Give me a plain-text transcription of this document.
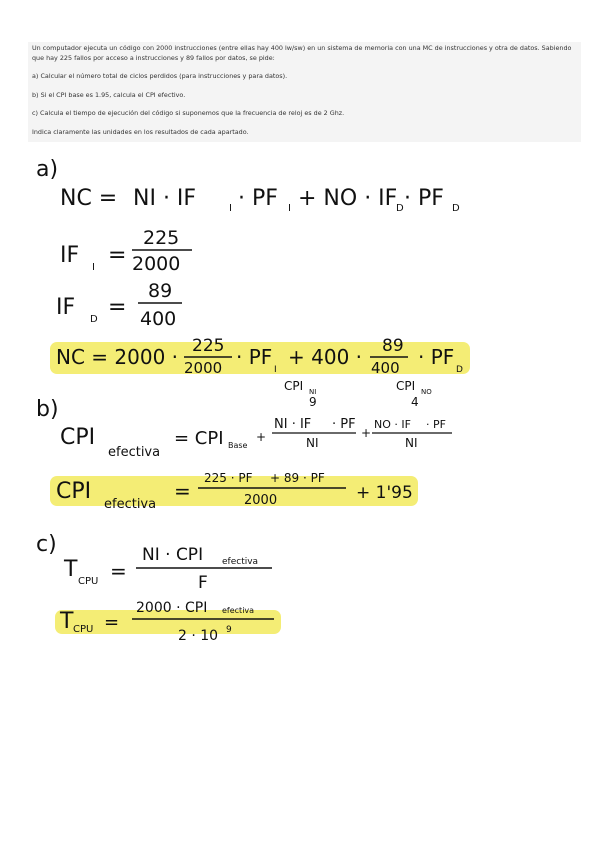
Un computador ejecuta un código con 2000 instrucciones (entre ellas hay 400 lw/sw) en un sistema de memoria con una MC de instrucciones y otra de datos. Sabiendo que hay 225 fallos por acceso a instrucciones y 89 fallos por datos, se pide:

a) Calcular el número total de ciclos perdidos (para instrucciones y para datos).

b) Si el CPI base es 1.95, calcula el CPI efectivo.

c) Calcula el tiempo de ejecución del código si suponemos que la frecuencia de reloj es de 2 Ghz.

Indica claramente las unidades en los resultados de cada apartado.

a)
NC = NI · IF	I · PF I + NO · IF
D · PF D
IF I =
225
2000
IF D =
89
400
NC = 2000 · 225
2000 · PF
I
+ 400 · 89
400 · PF
D
CPI NI
9
CPI NO
4
b)
CPI
efectiva
= CPI Base
+
NI · IF · PF
NI
+
NO · IF · PF
NI
CPI
efectiva
=
225 · PF + 89 · PF
2000	+ 1'95
c)
T CPU =
NI · CPI efectiva
F
T CPU =
2000 · CPI efectiva
2 · 10 9
